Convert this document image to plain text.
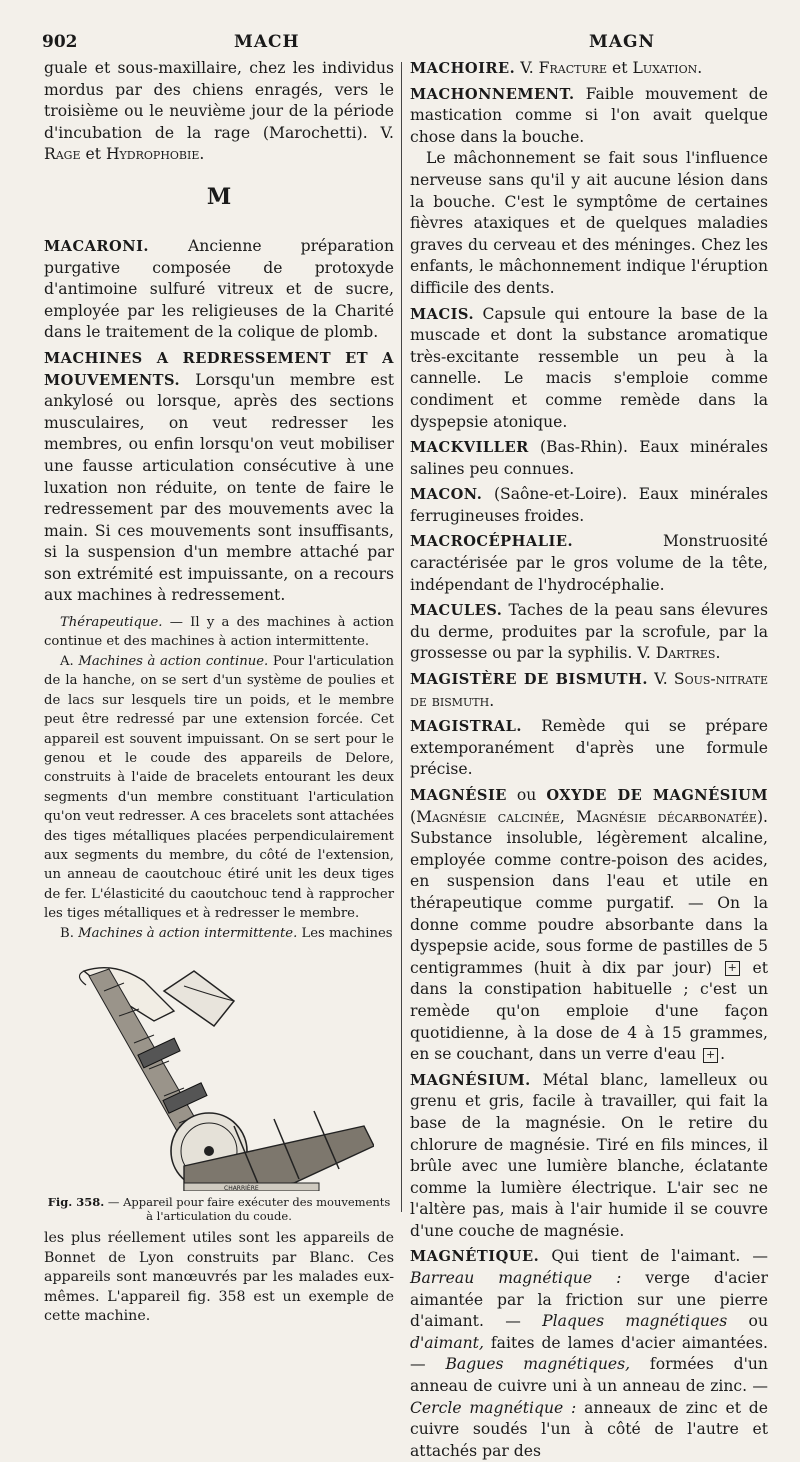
902	MACH	MAGN

guale et sous-maxillaire, chez les individus mordus par des chiens enragés, vers le troisième ou le neuvième jour de la période d'incubation de la rage (Marochetti). V. Rage et Hydrophobie.

M

MACARONI. Ancienne préparation purgative composée de protoxyde d'antimoine sulfuré vitreux et de sucre, employée par les religieuses de la Charité dans le traitement de la colique de plomb.

MACHINES A REDRESSEMENT ET A MOUVEMENTS. Lorsqu'un membre est ankylosé ou lorsque, après des sections musculaires, on veut redresser les membres, ou enfin lorsqu'on veut mobiliser une fausse articulation consécutive à une luxation non réduite, on tente de faire le redressement par des mouvements avec la main. Si ces mouvements sont insuffisants, si la suspension d'un membre attaché par son extrémité est impuissante, on a recours aux machines à redressement.

Thérapeutique. — Il y a des machines à action continue et des machines à action intermittente.

A. Machines à action continue. Pour l'articulation de la hanche, on se sert d'un système de poulies et de lacs sur lesquels tire un poids, et le membre peut être redressé par une extension forcée. Cet appareil est souvent impuissant. On se sert pour le genou et le coude des appareils de Delore, construits à l'aide de bracelets entourant les deux segments d'un membre constituant l'articulation qu'on veut redresser. A ces bracelets sont attachées des tiges métalliques placées perpendiculairement aux segments du membre, du côté de l'extension, un anneau de caoutchouc étiré unit les deux tiges de fer. L'élasticité du caoutchouc tend à rapprocher les tiges métalliques et à redresser le membre.

B. Machines à action intermittente. Les machines

CHARRIÈRE

Fig. 358. — Appareil pour faire exécuter des mouvements à l'articulation du coude.

les plus réellement utiles sont les appareils de Bonnet de Lyon construits par Blanc. Ces appareils sont manœuvrés par les malades eux-mêmes. L'appareil fig. 358 est un exemple de cette machine.

MACHOIRE. V. Fracture et Luxation.

MACHONNEMENT. Faible mouvement de mastication comme si l'on avait quelque chose dans la bouche.

Le mâchonnement se fait sous l'influence nerveuse sans qu'il y ait aucune lésion dans la bouche. C'est le symptôme de certaines fièvres ataxiques et de quelques maladies graves du cerveau et des méninges. Chez les enfants, le mâchonnement indique l'éruption difficile des dents.

MACIS. Capsule qui entoure la base de la muscade et dont la substance aromatique très-excitante ressemble un peu à la cannelle. Le macis s'emploie comme condiment et comme remède dans la dyspepsie atonique.

MACKVILLER (Bas-Rhin). Eaux minérales salines peu connues.

MACON. (Saône-et-Loire). Eaux minérales ferrugineuses froides.

MACROCÉPHALIE. Monstruosité caractérisée par le gros volume de la tête, indépendant de l'hydrocéphalie.

MACULES. Taches de la peau sans élevures du derme, produites par la scrofule, par la grossesse ou par la syphilis. V. Dartres.

MAGISTÈRE DE BISMUTH. V. Sous-nitrate de bismuth.

MAGISTRAL. Remède qui se prépare extemporanément d'après une formule précise.

MAGNÉSIE ou OXYDE DE MAGNÉSIUM (Magnésie calcinée, Magnésie décarbonatée). Substance insoluble, légèrement alcaline, employée comme contre-poison des acides, en suspension dans l'eau et utile en thérapeutique comme purgatif. — On la donne comme poudre absorbante dans la dyspepsie acide, sous forme de pastilles de 5 centigrammes (huit à dix par jour) + et dans la constipation habituelle ; c'est un remède qu'on emploie d'une façon quotidienne, à la dose de 4 à 15 grammes, en se couchant, dans un verre d'eau + .

MAGNÉSIUM. Métal blanc, lamelleux ou grenu et gris, facile à travailler, qui fait la base de la magnésie. On le retire du chlorure de magnésie. Tiré en fils minces, il brûle avec une lumière blanche, éclatante comme la lumière électrique. L'air sec ne l'altère pas, mais à l'air humide il se couvre d'une couche de magnésie.

MAGNÉTIQUE. Qui tient de l'aimant. — Barreau magnétique : verge d'acier aimantée par la friction sur une pierre d'aimant. — Plaques magnétiques ou d'aimant, faites de lames d'acier aimantées. — Bagues magnétiques, formées d'un anneau de cuivre uni à un anneau de zinc. — Cercle magnétique : anneaux de zinc et de cuivre soudés l'un à côté de l'autre et attachés par des
